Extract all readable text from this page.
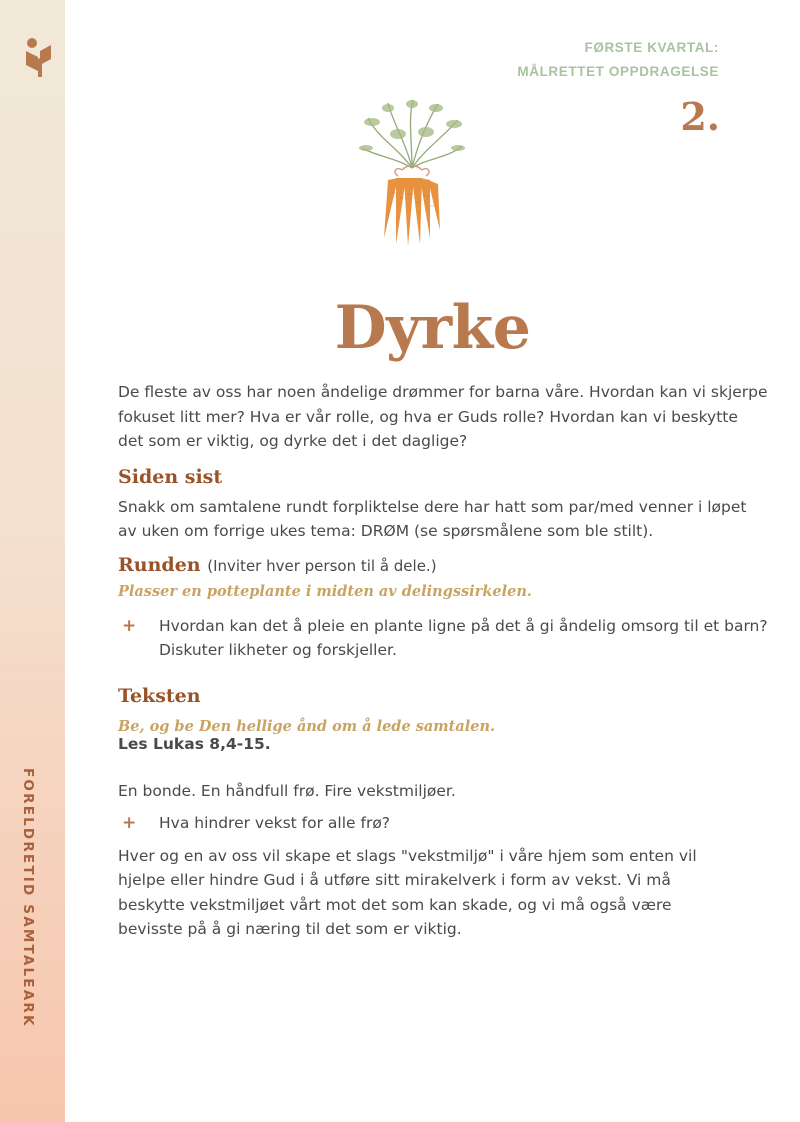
FORELDRETID SAMTALEARK
FØRSTE KVARTAL:
MÅLRETTET OPPDRAGELSE
2.
Dyrke

De fleste av oss har noen åndelige drømmer for barna våre. Hvordan kan vi skjerpe fokuset litt mer? Hva er vår rolle, og hva er Guds rolle? Hvordan kan vi beskytte det som er viktig, og dyrke det i det daglige?

Siden sist

Snakk om samtalene rundt forpliktelse dere har hatt som par/med venner i løpet av uken om forrige ukes tema: DRØM (se spørsmålene som ble stilt).

Runden (Inviter hver person til å dele.)

Plasser en potteplante i midten av delingssirkelen.

+ Hvordan kan det å pleie en plante ligne på det å gi åndelig omsorg til et barn? Diskuter likheter og forskjeller.

Teksten

Be, og be Den hellige ånd om å lede samtalen.

Les Lukas 8,4-15.

En bonde. En håndfull frø. Fire vekstmiljøer.

+ Hva hindrer vekst for alle frø?

Hver og en av oss vil skape et slags "vekstmiljø" i våre hjem som enten vil hjelpe eller hindre Gud i å utføre sitt mirakelverk i form av vekst. Vi må beskytte vekstmiljøet vårt mot det som kan skade, og vi må også være bevisste på å gi næring til det som er viktig.
